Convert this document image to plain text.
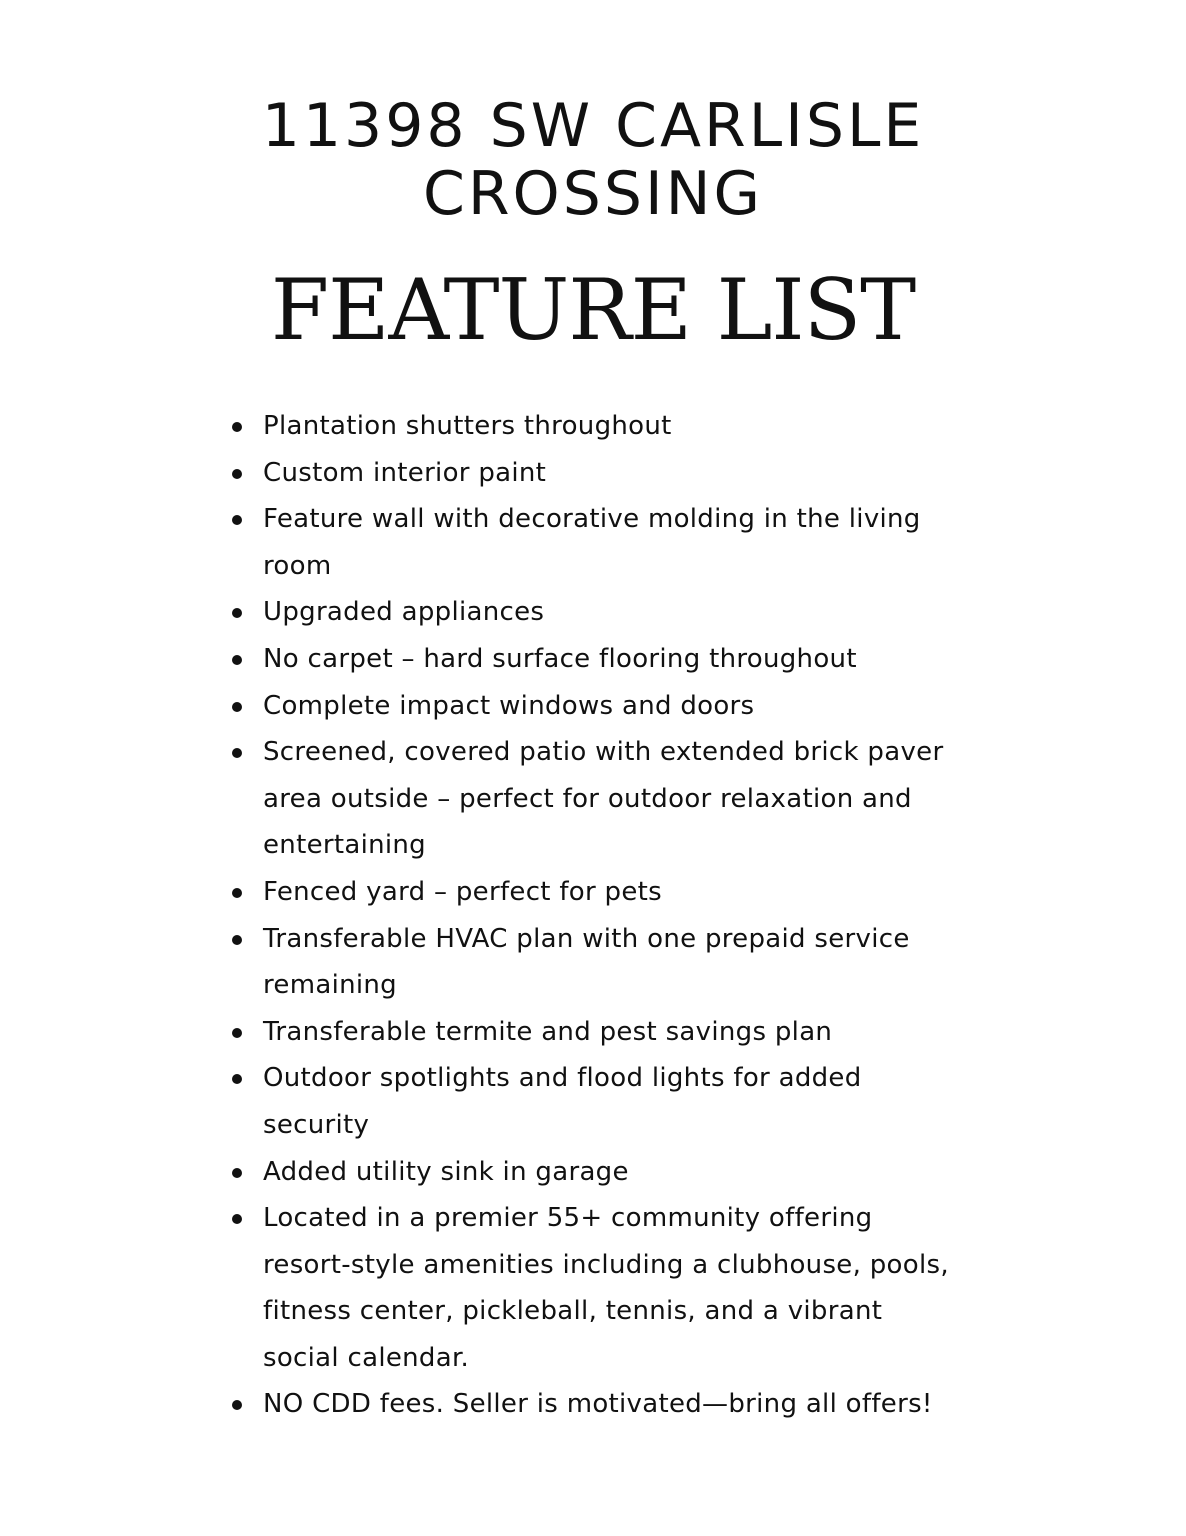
11398 SW CARLISLE
CROSSING
FEATURE LIST
Plantation shutters throughout
Custom interior paint
Feature wall with decorative molding in the living room
Upgraded appliances
No carpet – hard surface flooring throughout
Complete impact windows and doors
Screened, covered patio with extended brick paver area outside – perfect for outdoor relaxation and entertaining
Fenced yard – perfect for pets
Transferable HVAC plan with one prepaid service remaining
Transferable termite and pest savings plan
Outdoor spotlights and flood lights for added security
Added utility sink in garage
Located in a premier 55+ community offering resort-style amenities including a clubhouse, pools, fitness center, pickleball, tennis, and a vibrant social calendar.
NO CDD fees. Seller is motivated—bring all offers!
